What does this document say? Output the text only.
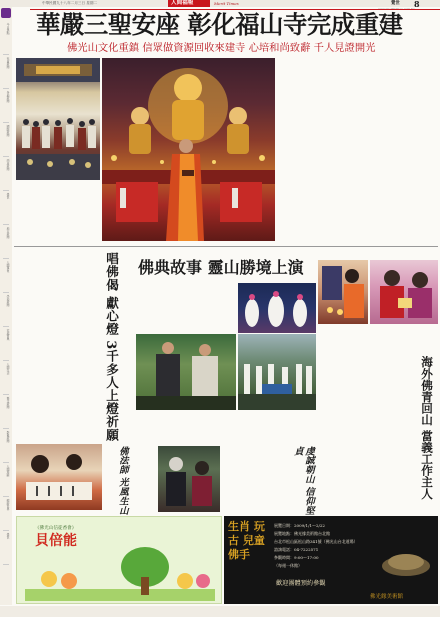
中華民國九十八年二月三日 星期二	人間福報	Merit Times	覺世 8
今日焦點
社會新聞
各地新聞
國際新聞
兩岸新聞
覺世
地方新聞
人間萬象
學校新聞
家庭寶典
人間生活
藝文新聞
影視新聞
人間遊蹤
縮紛世界
覺世
華嚴三聖安座 彰化福山寺完成重建
佛光山文化重鎮 信眾做資源回收來建寺 心培和尚致辭 千人見證開光
唱佛偈 獻心燈 3千多人上燈祈願 佛典故事 靈山勝境上演
海外佛青回山 當義工作主人
佛法師 光風生山	虔誠朝山 信仰堅貞
《佛光山信徒香會》
貝倍能
生肖 玩古 兒童 佛手
展覽日期：2009/1/1～2/22
展覽地點：佛光緣美術館台北館
台北市松山區松山路341號（佛光山台北道場）
諮詢電話：04-7222571
參觀時間：9:00～17:00
（每週一休館）
歡迎團體預約參觀
佛光緣美術館
